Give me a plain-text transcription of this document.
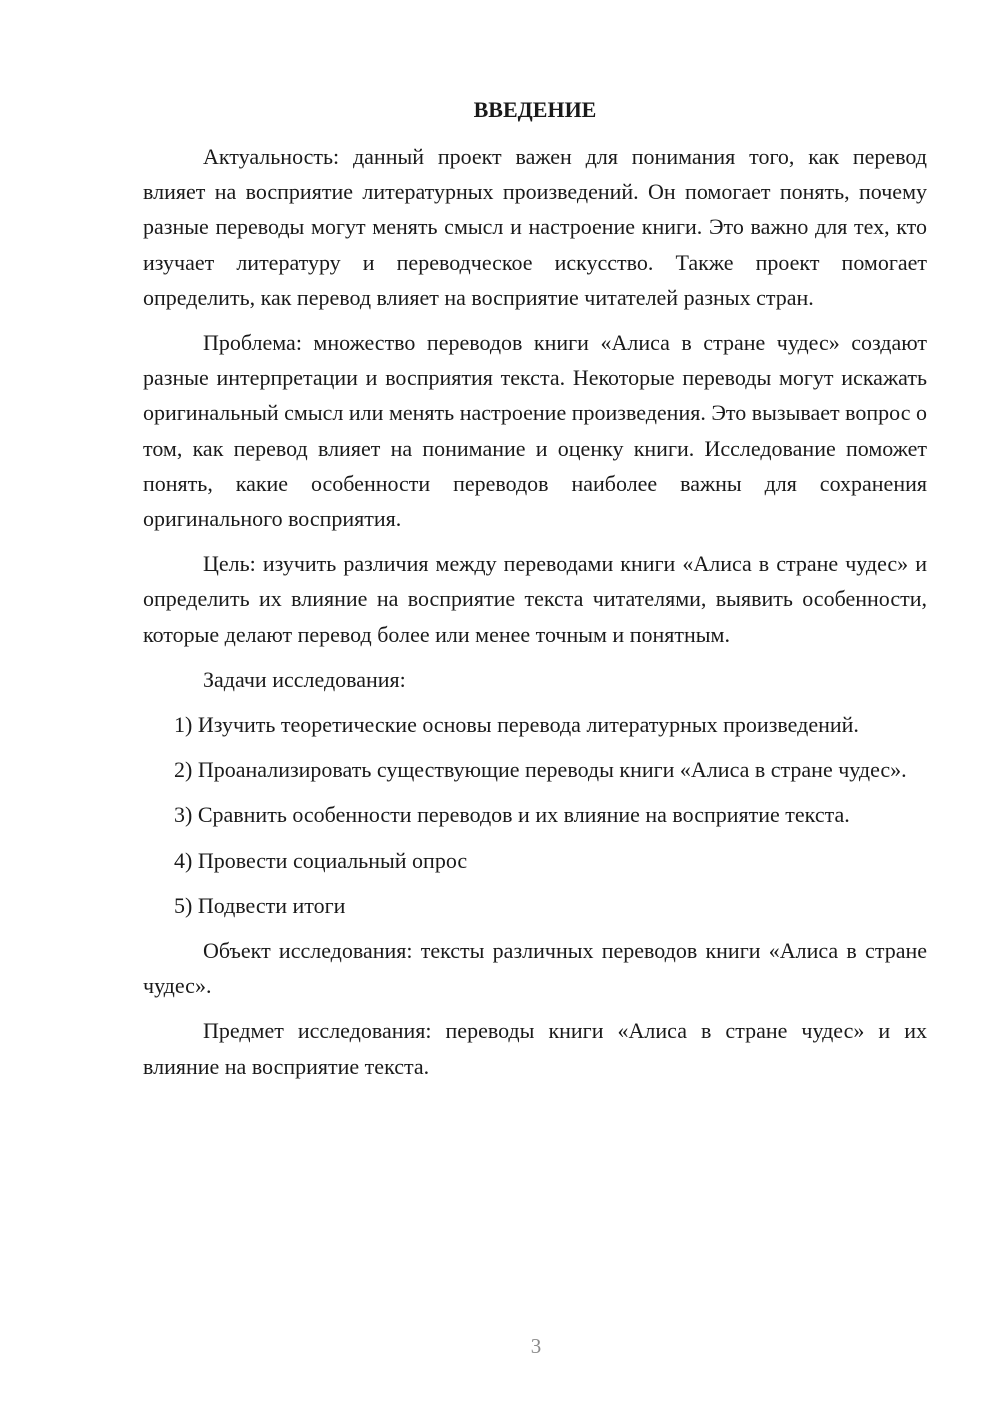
ВВЕДЕНИЕ

Актуальность: данный проект важен для понимания того, как перевод влияет на восприятие литературных произведений. Он помогает понять, почему разные переводы могут менять смысл и настроение книги. Это важно для тех, кто изучает литературу и переводческое искусство. Также проект помогает определить, как перевод влияет на восприятие читателей разных стран.

Проблема: множество переводов книги «Алиса в стране чудес» создают разные интерпретации и восприятия текста. Некоторые переводы могут искажать оригинальный смысл или менять настроение произведения. Это вызывает вопрос о том, как перевод влияет на понимание и оценку книги. Исследование поможет понять, какие особенности переводов наиболее важны для сохранения оригинального восприятия.

Цель: изучить различия между переводами книги «Алиса в стране чудес» и определить их влияние на восприятие текста читателями, выявить особенности, которые делают перевод более или менее точным и понятным.

Задачи исследования:

1) Изучить теоретические основы перевода литературных произведений.

2) Проанализировать существующие переводы книги «Алиса в стране чудес».

3) Сравнить особенности переводов и их влияние на восприятие текста.

4) Провести социальный опрос

5) Подвести итоги

Объект исследования: тексты различных переводов книги «Алиса в стране чудес».

Предмет исследования: переводы книги «Алиса в стране чудес» и их влияние на восприятие текста.

3
